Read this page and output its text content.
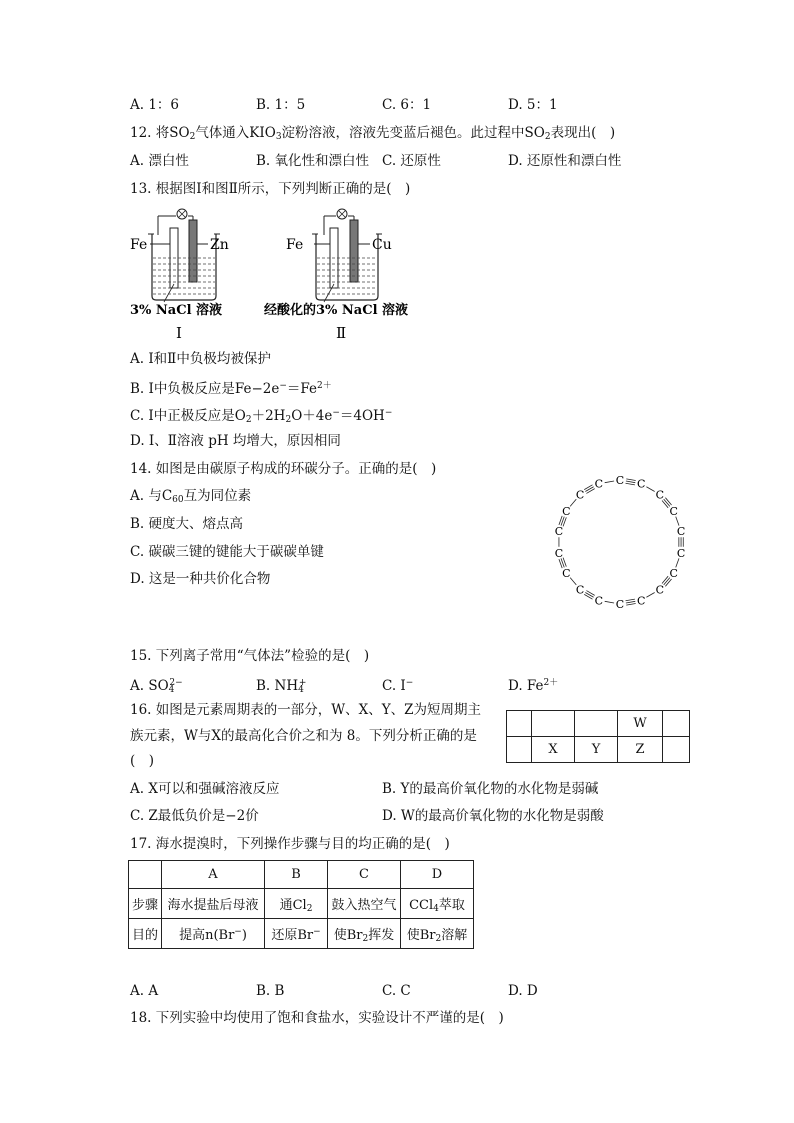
A. 1：6	B. 1：5	C. 6：1	D. 5：1
12. 将$SO_2$气体通入$KIO_3$淀粉溶液，溶液先变蓝后褪色。此过程中$SO_2$表现出(　)
A. 漂白性	B. 氧化性和漂白性 C. 还原性	D. 还原性和漂白性
13. 根据图Ⅰ和图Ⅱ所示，下列判断正确的是(　)
Fe	Zn
3% NaCl 溶液
Ⅰ
Fe	Cu
经酸化的3% NaCl 溶液
Ⅱ
A. Ⅰ和Ⅱ中负极均被保护
B. Ⅰ中负极反应是$Fe-2e^-=Fe^{2+}$
C. Ⅰ中正极反应是$O_2+2H_2O+4e^-=4OH^-$
D. Ⅰ、Ⅱ溶液 pH 均增大，原因相同
14. 如图是由碳原子构成的环碳分子。正确的是(　)
A. 与$C_{60}$互为同位素
B. 硬度大、熔点高
C. 碳碳三键的键能大于碳碳单键
D. 这是一种共价化合物
C C
C
C
C
C
C
C
C
C
C
C
C
C
C
C
C
C
15. 下列离子常用“气体法”检验的是(　)
A. $SO_4^{2-}$	B. $NH_4^+$	C. I−	D. $Fe^{2+}$
16. 如图是元素周期表的一部分，W、X、Y、Z为短周期主
族元素，W与X的最高化合价之和为 8。下列分析正确的是
(　)
			W	
	X	Y	Z	
A. X可以和强碱溶液反应	B. Y的最高价氧化物的水化物是弱碱
C. Z最低负价是−2价	D. W的最高价氧化物的水化物是弱酸
17. 海水提溴时，下列操作步骤与目的均正确的是(　)
	A	B	C	D
步骤	海水提盐后母液	通$Cl_2$	鼓入热空气	CCl$_4$萃取
目的	提高n(Br−)	还原Br−	使$Br_2$挥发	使$Br_2$溶解
A. A	B. B	C. C	D. D
18. 下列实验中均使用了饱和食盐水，实验设计不严谨的是(　)
